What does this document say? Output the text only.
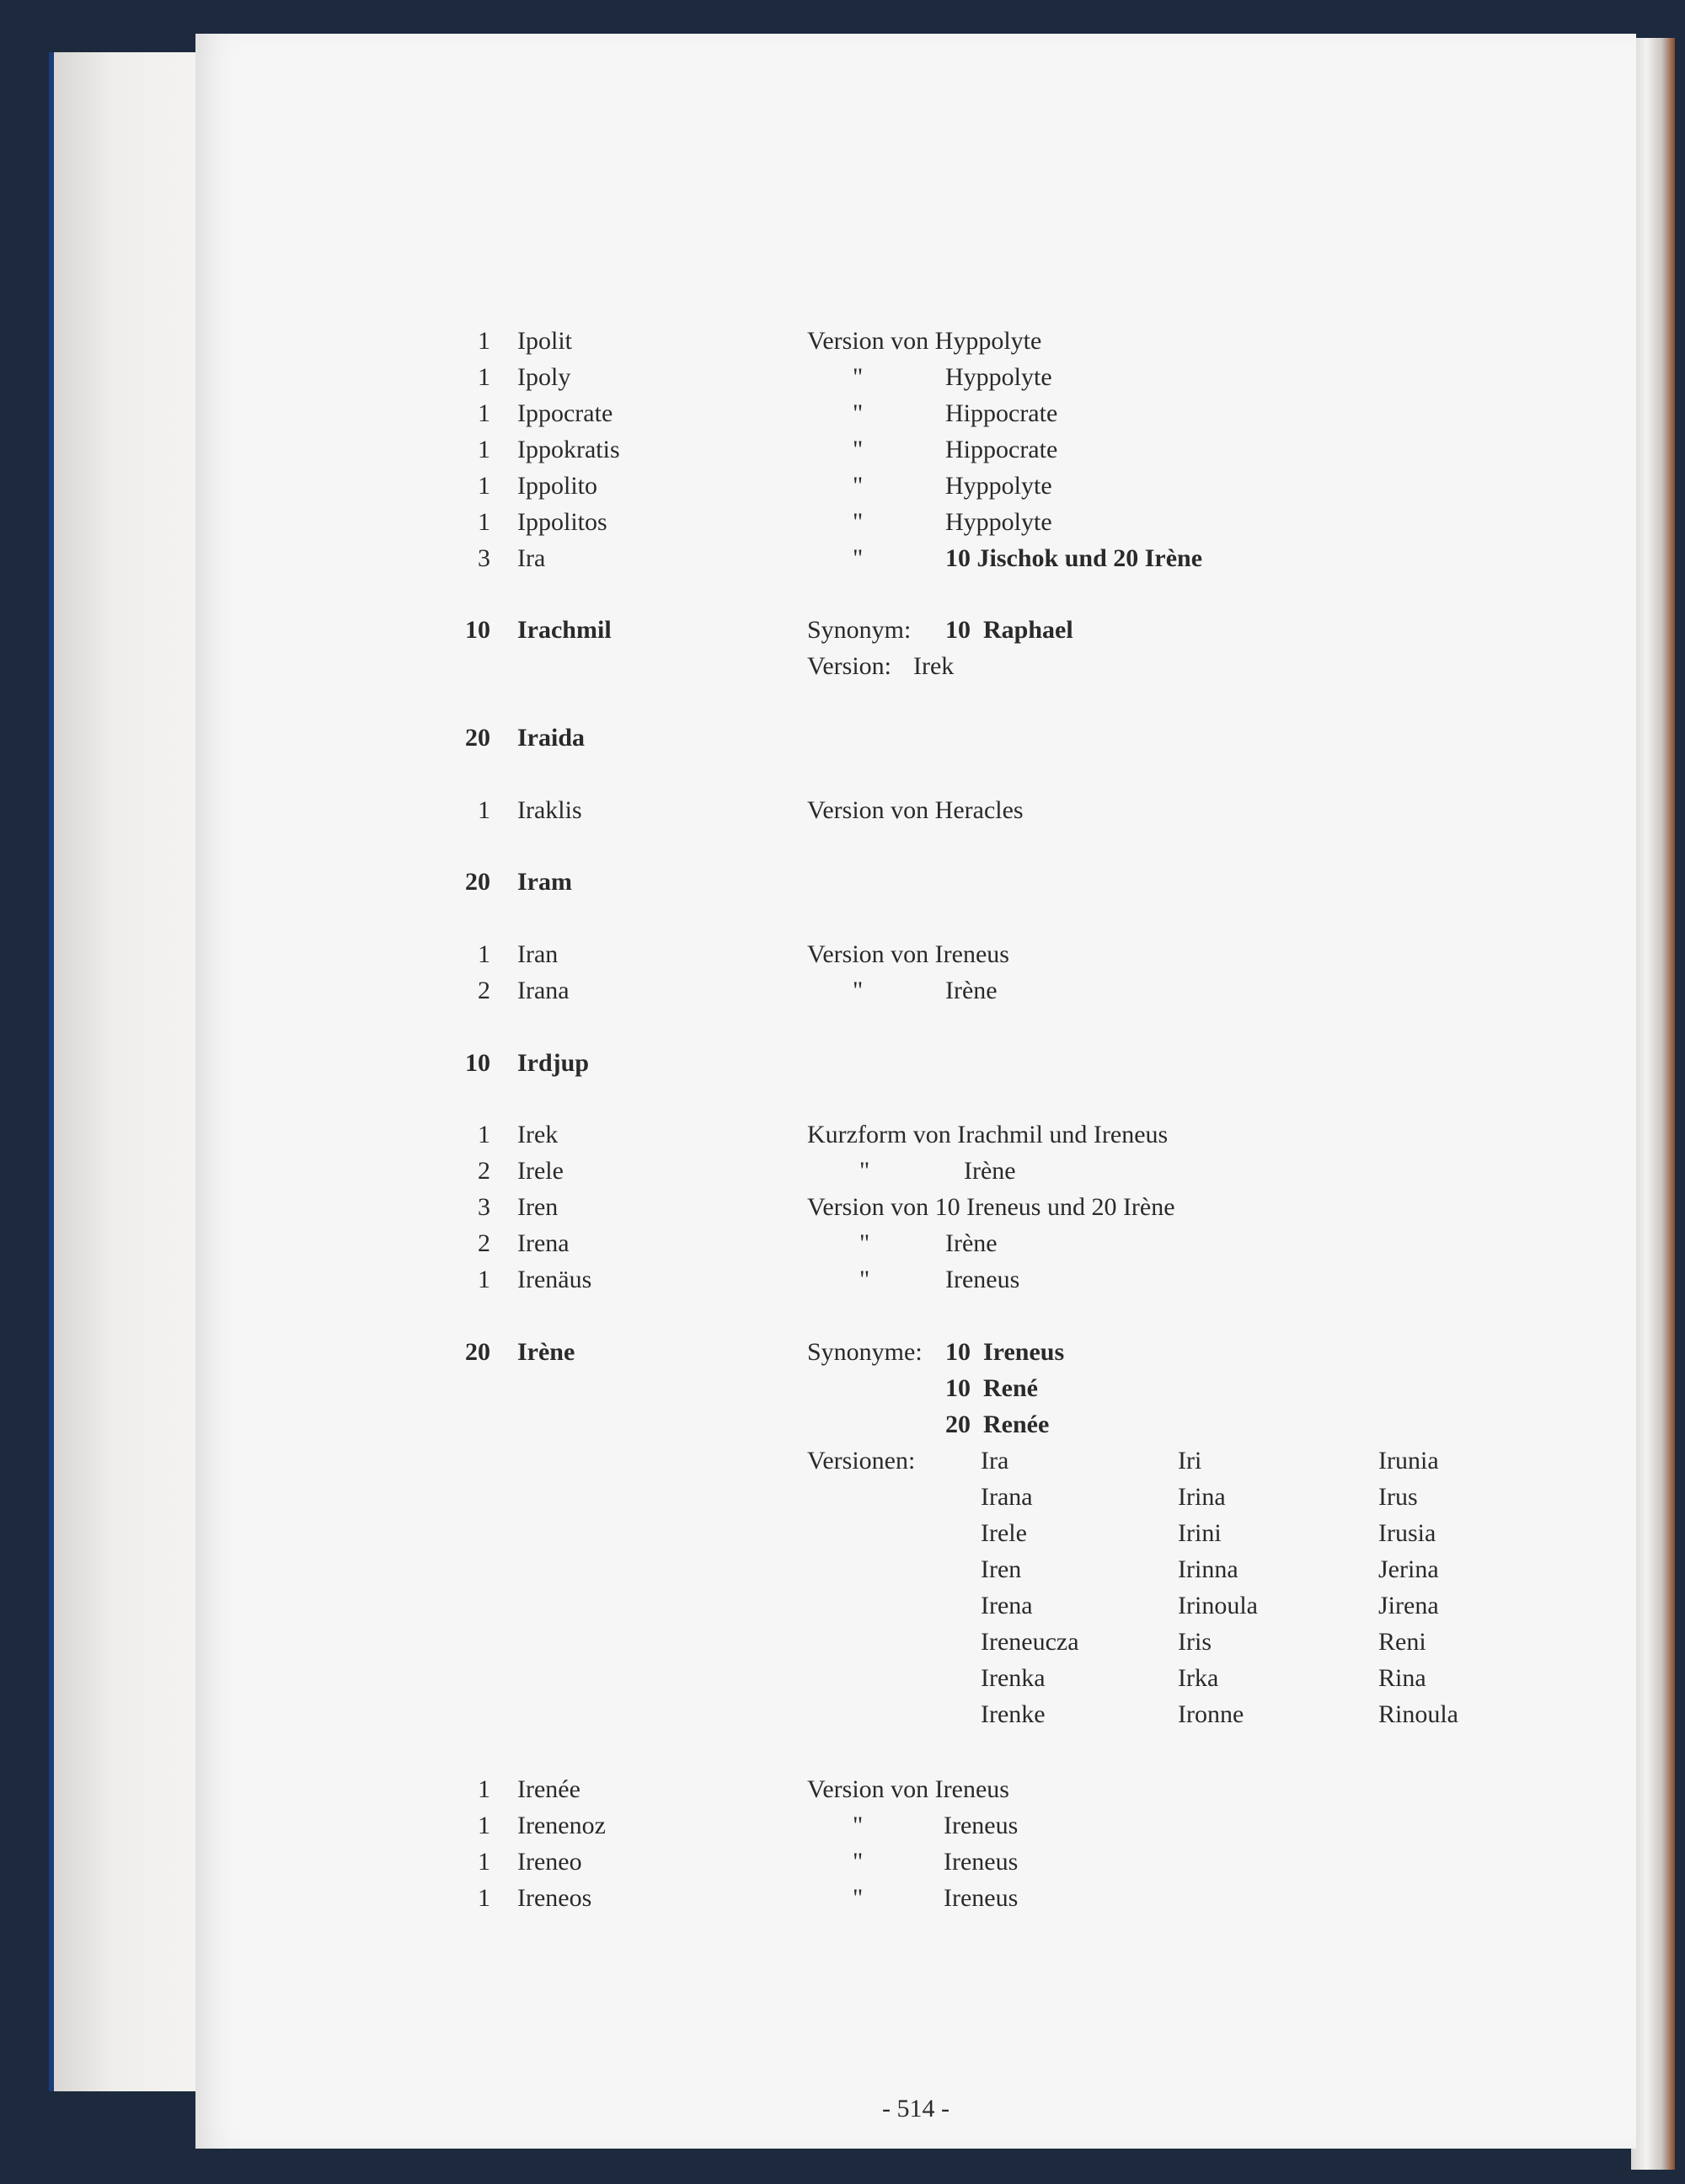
1 Ipolit	Version von Hyppolyte
1 Ipoly	"	Hyppolyte
1 Ippocrate	"	Hippocrate
1 Ippokratis	"	Hippocrate
1 Ippolito	"	Hyppolyte
1 Ippolitos	"	Hyppolyte
3 Ira	"	10 Jischok und 20 Irène
10 Irachmil	Synonym: 10  Raphael
Version: Irek
20 Iraida
1 Iraklis	Version von Heracles
20 Iram
1 Iran	Version von Ireneus
2 Irana	"	Irène
10 Irdjup
1 Irek	Kurzform von Irachmil und Ireneus
2 Irele	"	Irène
3 Iren	Version von 10 Ireneus und 20 Irène
2 Irena	"	Irène
1 Irenäus	"	Ireneus
20 Irène	Synonyme: 10  Ireneus
10  René
20  Renée
Versionen:	Ira	Iri	Irunia
Irana	Irina	Irus
Irele	Irini	Irusia
Iren	Irinna	Jerina
Irena	Irinoula	Jirena
Ireneucza	Iris	Reni
Irenka	Irka	Rina
Irenke	Ironne	Rinoula
1 Irenée	Version von Ireneus
1 Irenenoz	"	Ireneus
1 Ireneo	"	Ireneus
1 Ireneos	"	Ireneus
- 514 -
